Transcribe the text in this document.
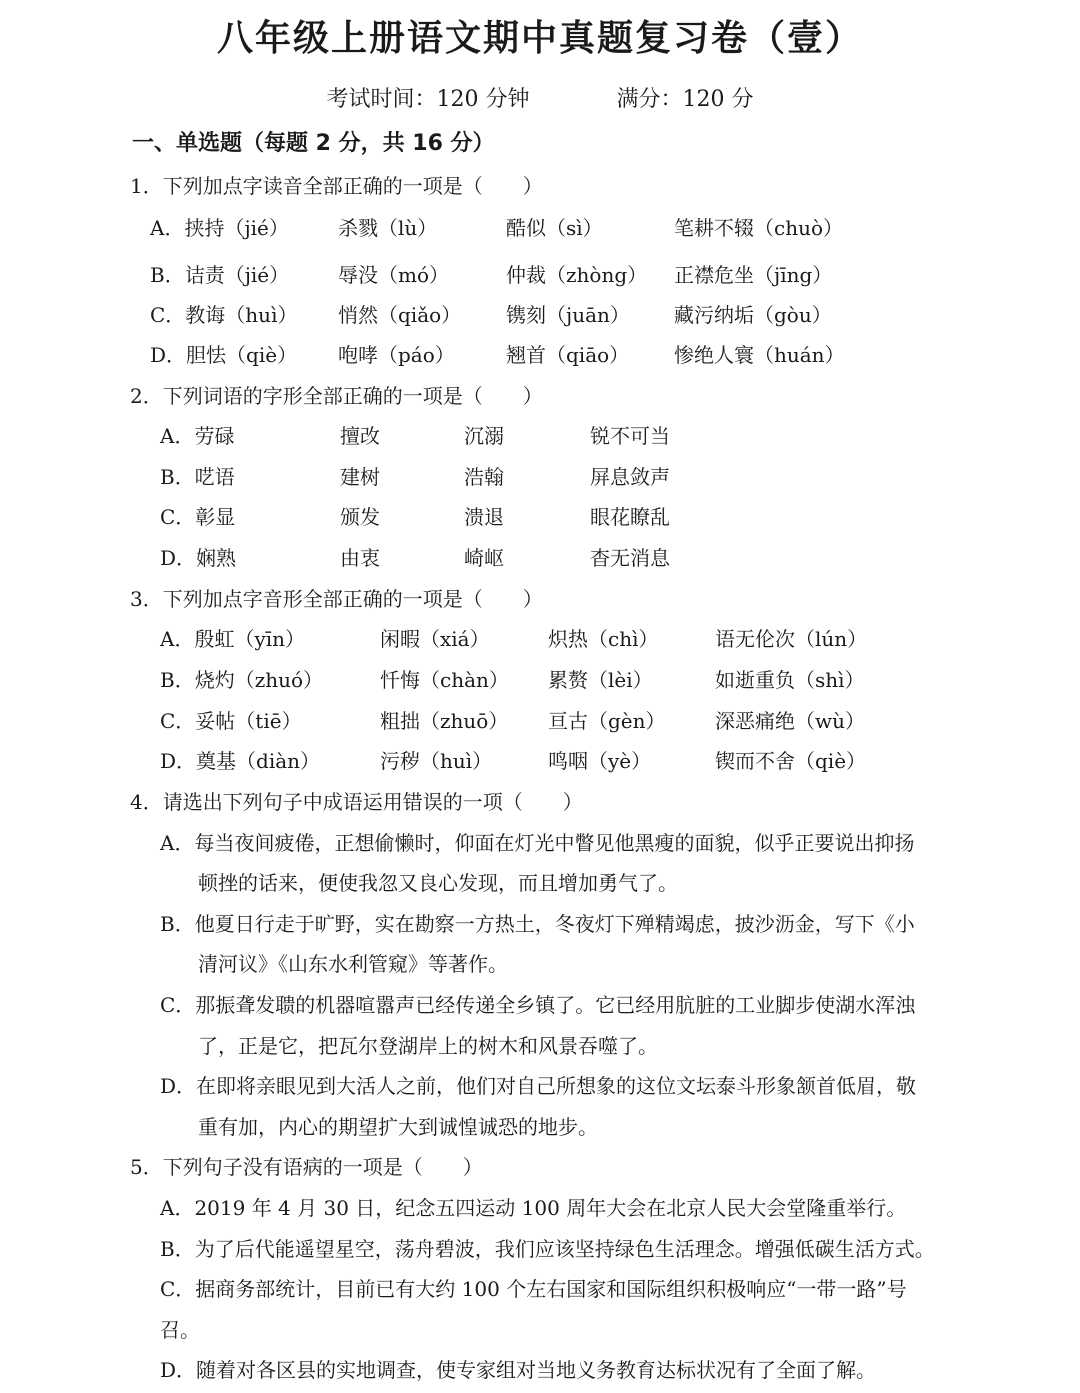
八年级上册语文期中真题复习卷（壹）
考试时间：120 分钟	满分：120 分
一、单选题（每题 2 分，共 16 分）
1．下列加点字读音全部正确的一项是（　　）
A．挟持（jié） 杀戮（lù）	酷似（sì）	笔耕不辍（chuò）
B．诘责（jié） 辱没（mó）	仲裁（zhòng） 正襟危坐（jīng）
C．教诲（huì） 悄然（qiǎo） 镌刻（juān） 藏污纳垢（gòu）
D．胆怯（qiè） 咆哮（páo）	翘首（qiāo） 惨绝人寰（huán）
2．下列词语的字形全部正确的一项是（　　）
A．劳碌	擅改	沉溺	锐不可当
B．呓语	建树	浩翰	屏息敛声
C．彰显	颁发	溃退	眼花瞭乱
D．娴熟	由衷	崎岖	杳无消息
3．下列加点字音形全部正确的一项是（　　）
A．殷虹（yīn）	闲暇（xiá）	炽热（chì）	语无伦次（lún）
B．烧灼（zhuó）	忏悔（chàn） 累赘（lèi）	如逝重负（shì）
C．妥帖（tiē）	粗拙（zhuō） 亘古（gèn） 深恶痛绝（wù）
D．奠基（diàn）	污秽（huì）	鸣咽（yè）	锲而不舍（qiè）
4．请选出下列句子中成语运用错误的一项（　　）
A．每当夜间疲倦，正想偷懒时，仰面在灯光中瞥见他黑瘦的面貌，似乎正要说出抑扬
顿挫的话来，便使我忽又良心发现，而且增加勇气了。
B．他夏日行走于旷野，实在勘察一方热土，冬夜灯下殚精竭虑，披沙沥金，写下《小
清河议》《山东水利管窥》等著作。
C．那振聋发聩的机器喧嚣声已经传递全乡镇了。它已经用肮脏的工业脚步使湖水浑浊
了，正是它，把瓦尔登湖岸上的树木和风景吞噬了。
D．在即将亲眼见到大活人之前，他们对自己所想象的这位文坛泰斗形象颔首低眉，敬
重有加，内心的期望扩大到诚惶诚恐的地步。
5．下列句子没有语病的一项是（　　）
A．2019 年 4 月 30 日，纪念五四运动 100 周年大会在北京人民大会堂隆重举行。
B．为了后代能遥望星空，荡舟碧波，我们应该坚持绿色生活理念。增强低碳生活方式。
C．据商务部统计，目前已有大约 100 个左右国家和国际组织积极响应“一带一路”号
召。
D．随着对各区县的实地调查，使专家组对当地义务教育达标状况有了全面了解。
